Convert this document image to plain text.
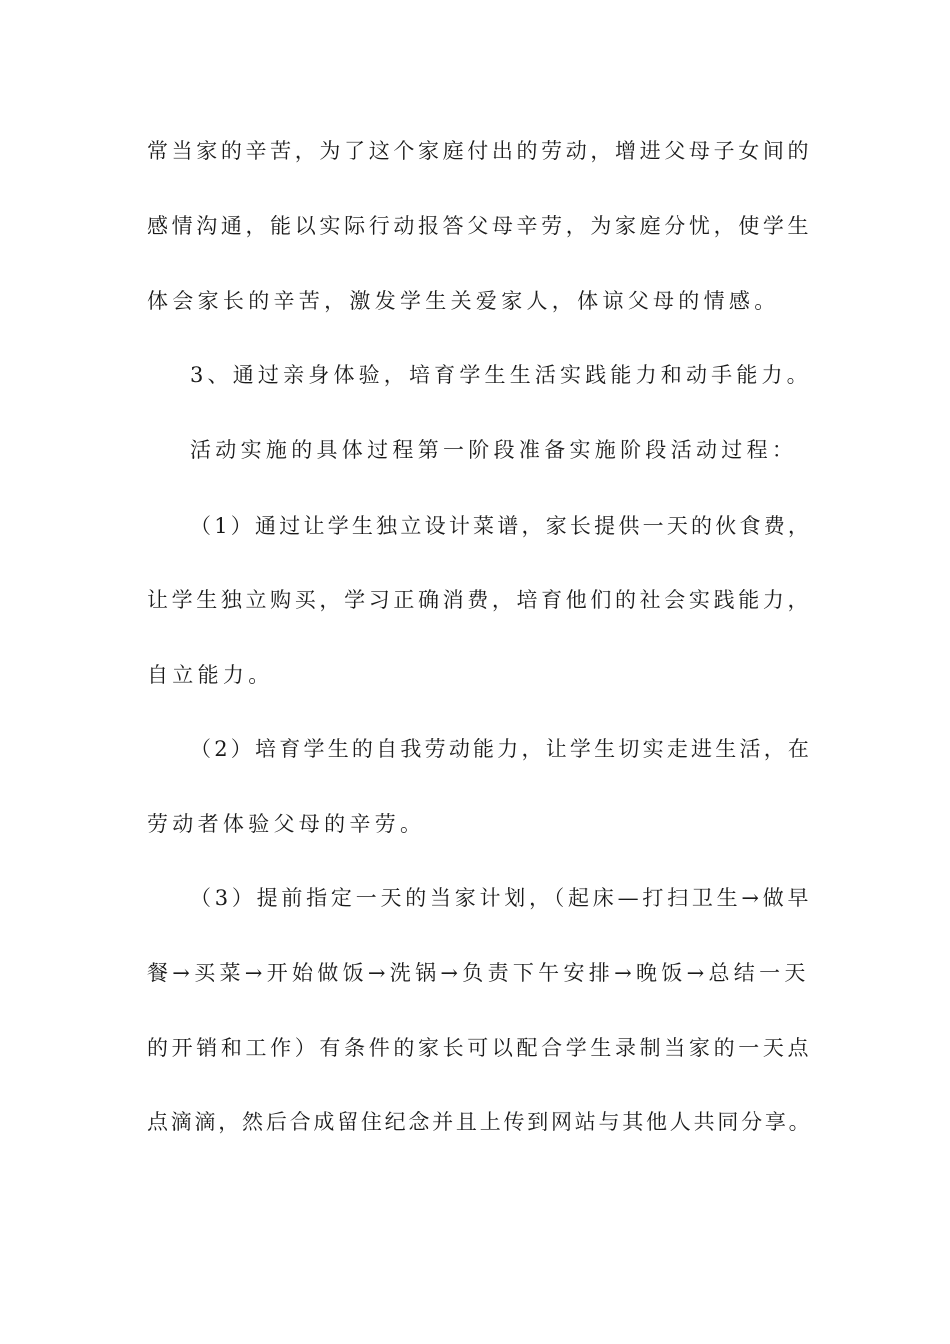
常当家的辛苦，为了这个家庭付出的劳动，增进父母子女间的
感情沟通，能以实际行动报答父母辛劳，为家庭分忧，使学生
体会家长的辛苦，激发学生关爱家人，体谅父母的情感。
3、通过亲身体验，培育学生生活实践能力和动手能力。
活动实施的具体过程第一阶段准备实施阶段活动过程：
（1）通过让学生独立设计菜谱，家长提供一天的伙食费，
让学生独立购买，学习正确消费，培育他们的社会实践能力，
自立能力。
（2）培育学生的自我劳动能力，让学生切实走进生活，在
劳动者体验父母的辛劳。
（3）提前指定一天的当家计划，（起床—打扫卫生→做早
餐→买菜→开始做饭→洗锅→负责下午安排→晚饭→总结一天
的开销和工作）有条件的家长可以配合学生录制当家的一天点
点滴滴，然后合成留住纪念并且上传到网站与其他人共同分享。
